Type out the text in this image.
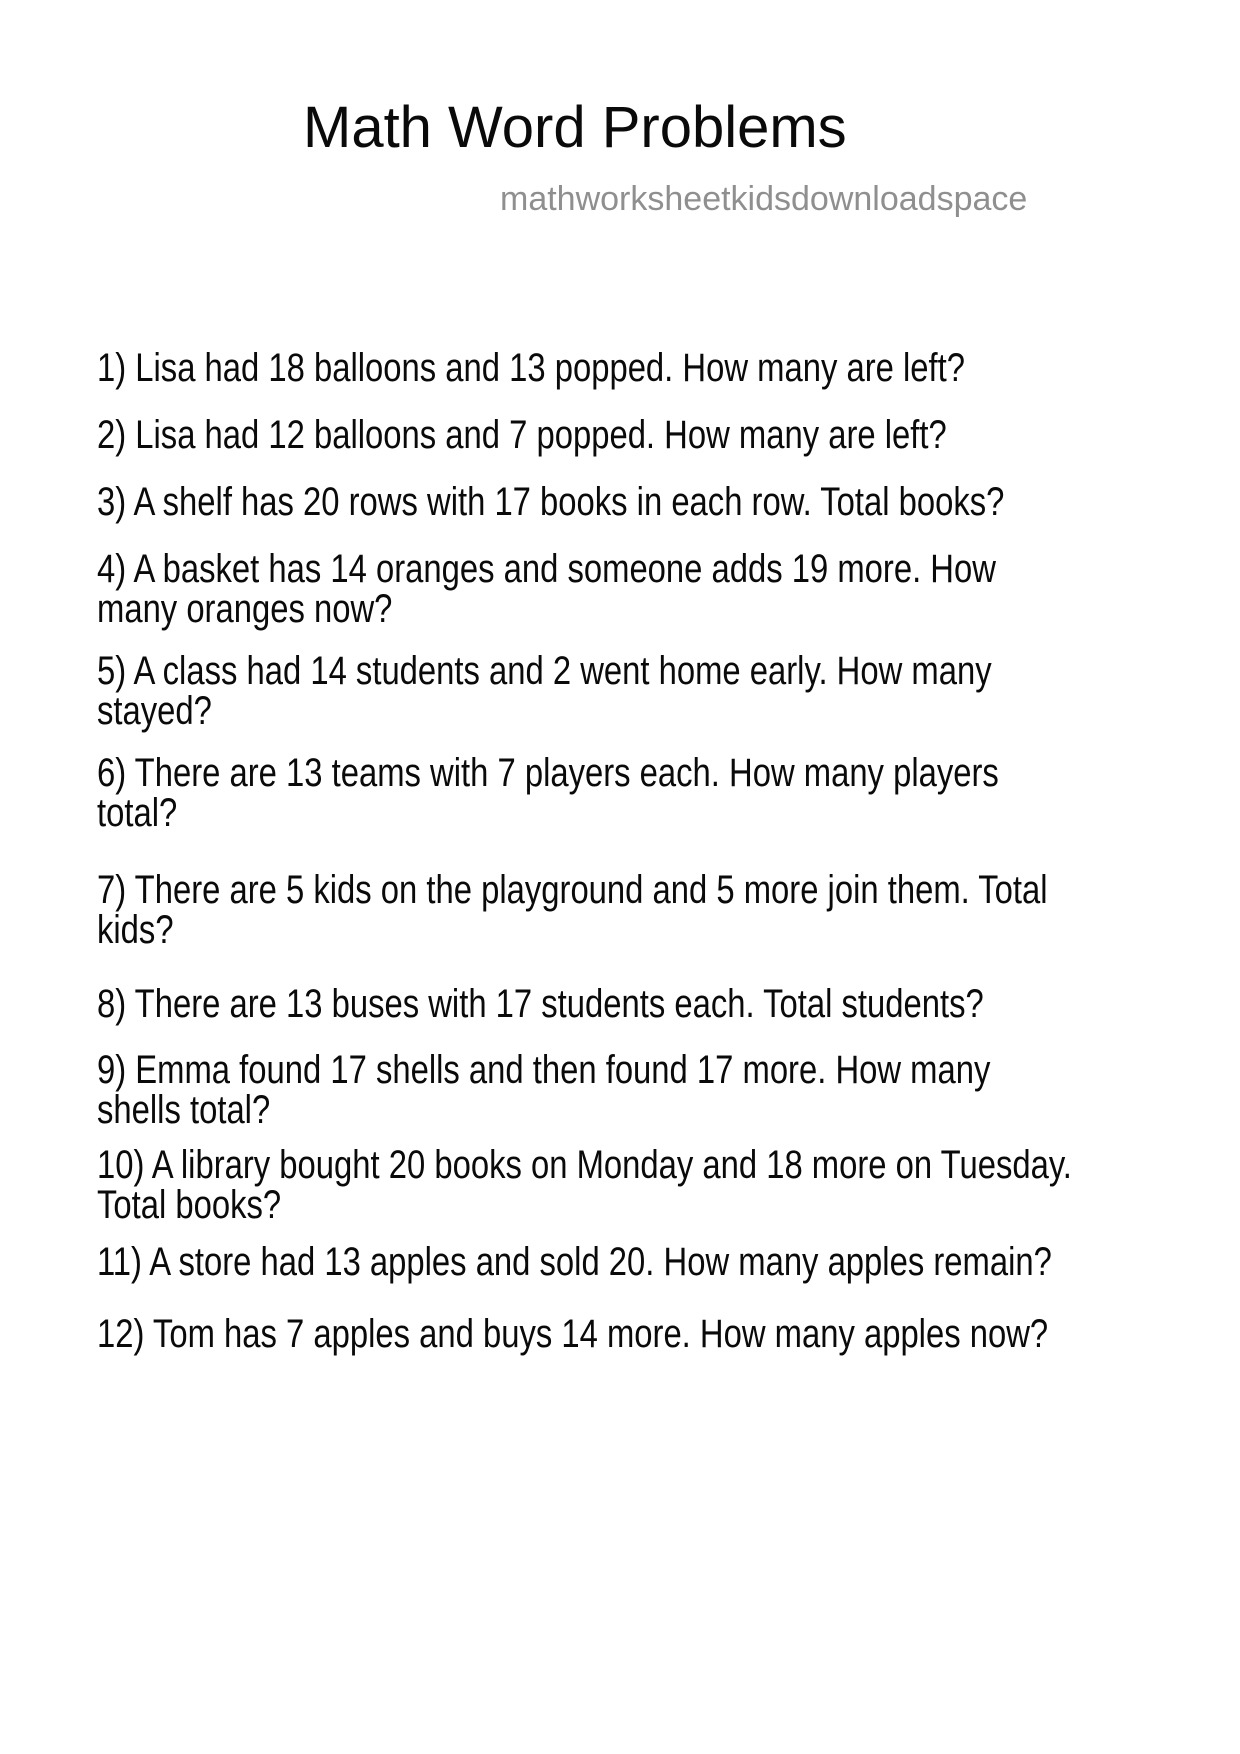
Math Word Problems
mathworksheetkidsdownloadspace
1) Lisa had 18 balloons and 13 popped. How many are left?
2) Lisa had 12 balloons and 7 popped. How many are left?
3) A shelf has 20 rows with 17 books in each row. Total books?
4) A basket has 14 oranges and someone adds 19 more. How
many oranges now?
5) A class had 14 students and 2 went home early. How many
stayed?
6) There are 13 teams with 7 players each. How many players
total?
7) There are 5 kids on the playground and 5 more join them. Total
kids?
8) There are 13 buses with 17 students each. Total students?
9) Emma found 17 shells and then found 17 more. How many
shells total?
10) A library bought 20 books on Monday and 18 more on Tuesday.
Total books?
11) A store had 13 apples and sold 20. How many apples remain?
12) Tom has 7 apples and buys 14 more. How many apples now?
